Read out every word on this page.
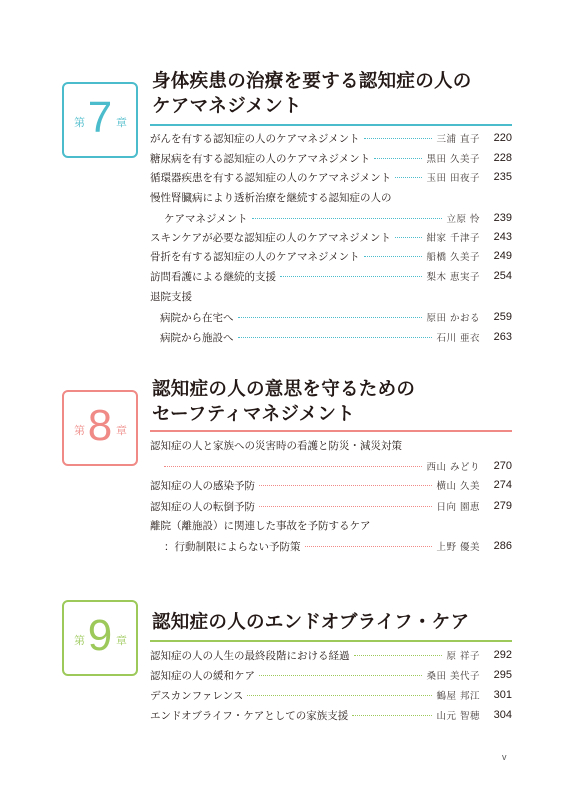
第 7 章
身体疾患の治療を要する認知症の人の
ケアマネジメント
がんを有する認知症の人のケアマネジメント	三浦 直子	220
糖尿病を有する認知症の人のケアマネジメント	黒田 久美子	228
循環器疾患を有する認知症の人のケアマネジメント	玉田 田夜子	235
慢性腎臓病により透析治療を継続する認知症の人の
ケアマネジメント	立原 怜	239
スキンケアが必要な認知症の人のケアマネジメント	紺家 千津子	243
骨折を有する認知症の人のケアマネジメント	船橋 久美子	249
訪問看護による継続的支援	梨木 恵実子	254
退院支援
病院から在宅へ	原田 かおる	259
病院から施設へ	石川 亜衣	263
第 8 章
認知症の人の意思を守るための
セーフティマネジメント
認知症の人と家族への災害時の看護と防災・減災対策
西山 みどり	270
認知症の人の感染予防	横山 久美	274
認知症の人の転倒予防	日向 園恵	279
離院（離施設）に関連した事故を予防するケア
：行動制限によらない予防策	上野 優美	286
第 9 章
認知症の人のエンドオブライフ・ケア
認知症の人の人生の最終段階における経過	原 祥子	292
認知症の人の緩和ケア	桑田 美代子	295
デスカンファレンス	鶴屋 邦江	301
エンドオブライフ・ケアとしての家族支援	山元 智穂	304
v
